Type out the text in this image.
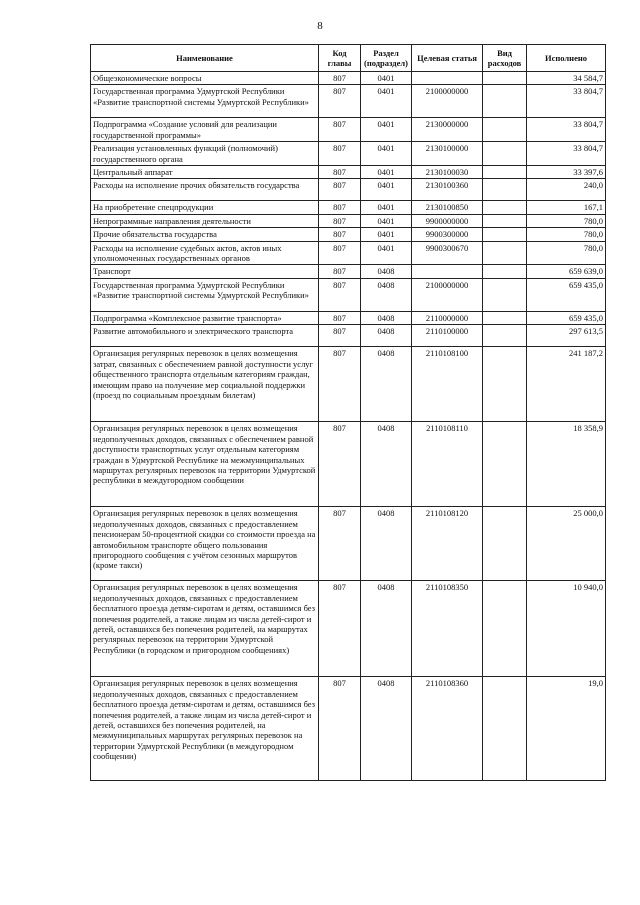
8
Наименование	Код главы	Раздел (подраздел)	Целевая статья	Вид расходов	Исполнено
Общеэкономические вопросы	807	0401			34 584,7
Государственная программа Удмуртской Республики «Развитие транспортной системы Удмуртской Республики»	807	0401	2100000000		33 804,7
Подпрограмма «Создание условий для реализации государственной программы»	807	0401	2130000000		33 804,7
Реализация установленных функций (полномочий) государственного органа	807	0401	2130100000		33 804,7
Центральный аппарат	807	0401	2130100030		33 397,6
Расходы на исполнение прочих обязательств государства	807	0401	2130100360		240,0
На приобретение спецпродукции	807	0401	2130100850		167,1
Непрограммные направления деятельности	807	0401	9900000000		780,0
Прочие обязательства государства	807	0401	9900300000		780,0
Расходы на исполнение судебных актов, актов иных уполномоченных государственных органов	807	0401	9900300670		780,0
Транспорт	807	0408			659 639,0
Государственная программа Удмуртской Республики «Развитие транспортной системы Удмуртской Республики»	807	0408	2100000000		659 435,0
Подпрограмма «Комплексное развитие транспорта»	807	0408	2110000000		659 435,0
Развитие автомобильного и электрического транспорта	807	0408	2110100000		297 613,5
Организация регулярных перевозок в целях возмещения затрат, связанных с обеспечением равной доступности услуг общественного транспорта отдельным категориям граждан, имеющим право на получение мер социальной поддержки (проезд по социальным проездным билетам)	807	0408	2110108100		241 187,2
Организация регулярных перевозок в целях возмещения недополученных доходов, связанных с обеспечением равной доступности транспортных услуг отдельным категориям граждан в Удмуртской Республике на межмуниципальных маршрутах регулярных перевозок на территории Удмуртской республики в междугородном сообщении	807	0408	2110108110		18 358,9
Организация регулярных перевозок в целях возмещения недополученных доходов, связанных с предоставлением пенсионерам 50-процентной скидки со стоимости проезда на автомобильном транспорте общего пользования пригородного сообщения с учётом сезонных маршрутов (кроме такси)	807	0408	2110108120		25 000,0
Организация регулярных перевозок в целях возмещения недополученных доходов, связанных с предоставлением бесплатного проезда детям-сиротам и детям, оставшимся без попечения родителей, а также лицам из числа детей-сирот и детей, оставшихся без попечения родителей, на маршрутах регулярных перевозок на территории Удмуртской Республики (в городском и пригородном сообщениях)	807	0408	2110108350		10 940,0
Организация регулярных перевозок в целях возмещения недополученных доходов, связанных с предоставлением бесплатного проезда детям-сиротам и детям, оставшимся без попечения родителей, а также лицам из числа детей-сирот и детей, оставшихся без попечения родителей, на межмуниципальных маршрутах регулярных перевозок на территории Удмуртской Республики (в междугородном сообщении)	807	0408	2110108360		19,0
